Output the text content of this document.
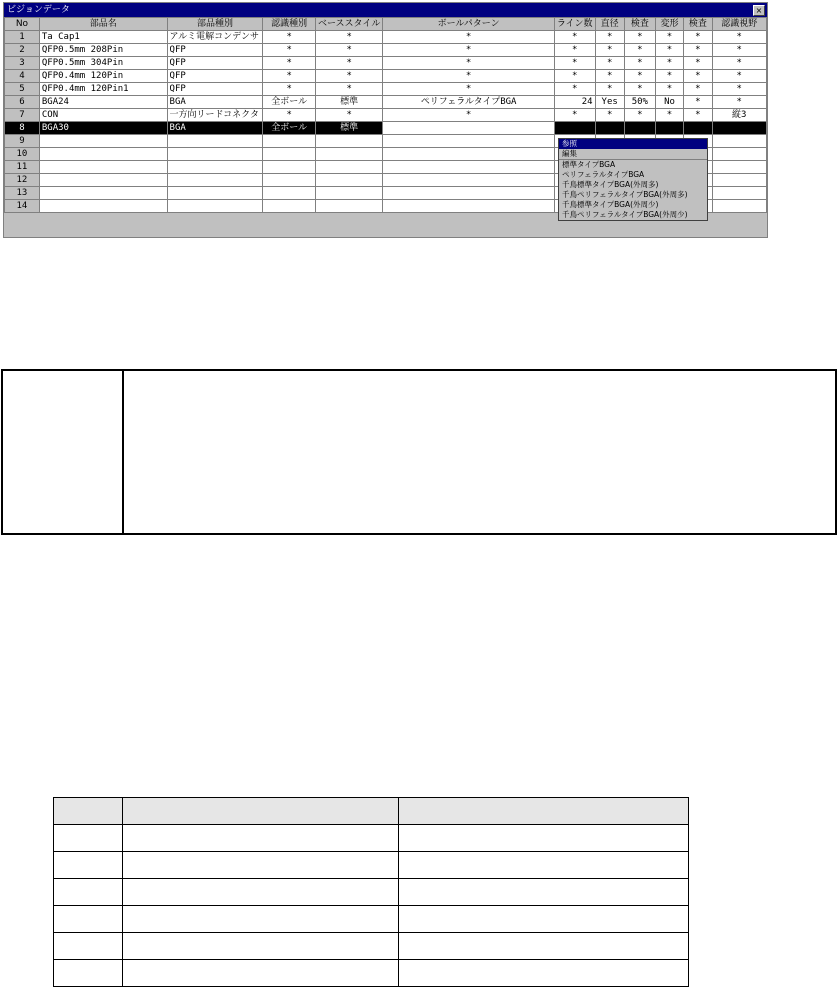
ビジョンデータ	×
No	部品名	部品種別	認識種別	ベーススタイル	ボールパターン	ライン数	直径	検査	変形	検査	認識視野
1	Ta Cap1	アルミ電解コンデンサ	*	*	*	*	*	*	*	*	*
2	QFP0.5mm 208Pin	QFP	*	*	*	*	*	*	*	*	*
3	QFP0.5mm 304Pin	QFP	*	*	*	*	*	*	*	*	*
4	QFP0.4mm 120Pin	QFP	*	*	*	*	*	*	*	*	*
5	QFP0.4mm 120Pin1	QFP	*	*	*	*	*	*	*	*	*
6	BGA24	BGA	全ボール	標準	ペリフェラルタイプBGA	24	Yes	50%	No	*	*
7	CON	一方向リードコネクタ	*	*	*	*	*	*	*	*	縦3
8	BGA30	BGA	全ボール	標準							
9											
10											
11											
12											
13											
14											
参照
編集
標準タイプBGA
ペリフェラルタイプBGA
千鳥標準タイプBGA(外周多)
千鳥ペリフェラルタイプBGA(外周多)
千鳥標準タイプBGA(外周少)
千鳥ペリフェラルタイプBGA(外周少)
